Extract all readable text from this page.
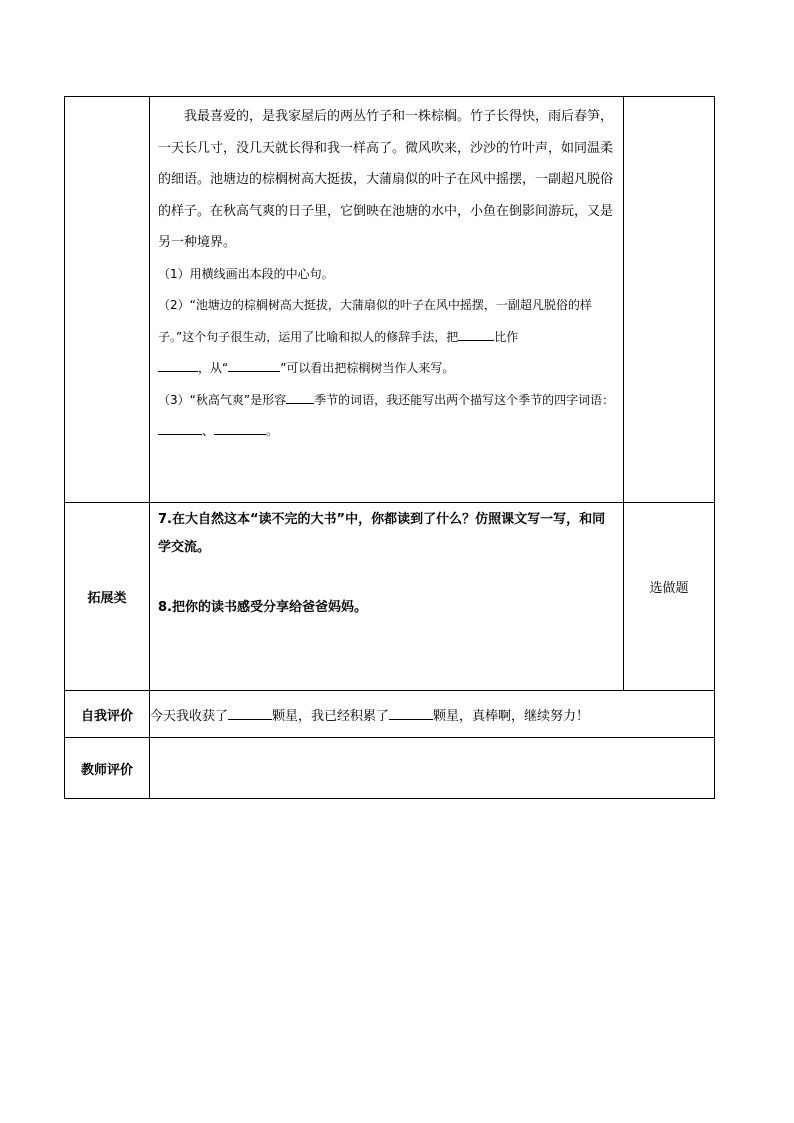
	我最喜爱的，是我家屋后的两丛竹子和一株棕榈。竹子长得快，雨后春笋，一天长几寸，没几天就长得和我一样高了。微风吹来，沙沙的竹叶声，如同温柔的细语。池塘边的棕榈树高大挺拔，大蒲扇似的叶子在风中摇摆，一副超凡脱俗的样子。在秋高气爽的日子里，它倒映在池塘的水中，小鱼在倒影间游玩，又是另一种境界。

（1）用横线画出本段的中心句。

（2）“池塘边的棕榈树高大挺拔，大蒲扇似的叶子在风中摇摆，一副超凡脱俗的样子。”这个句子很生动，运用了比喻和拟人的修辞手法，把 比作
，从“ ”可以看出把棕榈树当作人来写。

（3）“秋高气爽”是形容 季节的词语，我还能写出两个描写这个季节的四字词语：、 。	

拓展类	7.在大自然这本“读不完的大书”中，你都读到了什么？仿照课文写一写，和同学交流。

8.把你的读书感受分享给爸爸妈妈。	选做题
自我评价	今天我收获了 颗星，我已经积累了 颗星，真棒啊，继续努力！	
教师评价		
